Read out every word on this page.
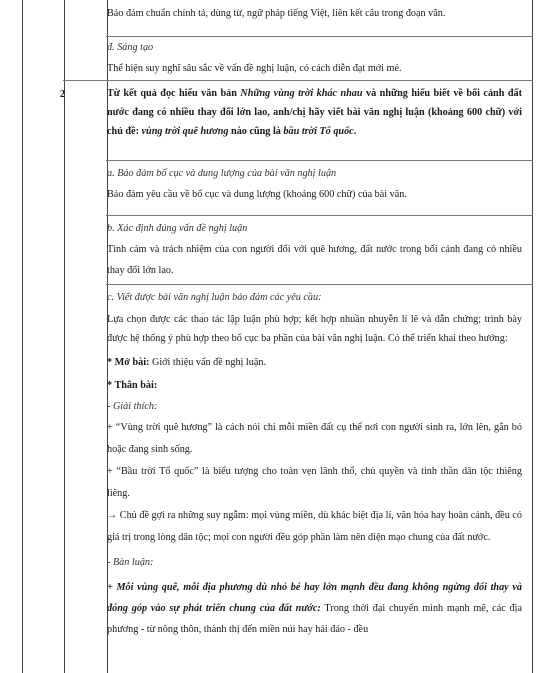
Bảo đảm chuẩn chính tả, dùng từ, ngữ pháp tiếng Việt, liên kết câu trong đoạn văn.

đ. Sáng tạo

Thể hiện suy nghĩ sâu sắc về vấn đề nghị luận, có cách diễn đạt mới mẻ.

2	Từ kết quả đọc hiểu văn bản Những vùng trời khác nhau và những hiểu biết về bối cảnh đất nước đang có nhiều thay đổi lớn lao, anh/chị hãy viết bài văn nghị luận (khoảng 600 chữ) với chủ đề: vùng trời quê hương nào cũng là bầu trời Tổ quốc.

a. Bảo đảm bố cục và dung lượng của bài văn nghị luận

Bảo đảm yêu cầu về bố cục và dung lượng (khoảng 600 chữ) của bài văn.

b. Xác định đúng vấn đề nghị luận

Tình cảm và trách nhiệm của con người đối với quê hương, đất nước trong bối cảnh đang có nhiều thay đổi lớn lao.

c. Viết được bài văn nghị luận bảo đảm các yêu cầu:

Lựa chọn được các thao tác lập luận phù hợp; kết hợp nhuần nhuyễn lí lẽ và dẫn chứng; trình bày được hệ thống ý phù hợp theo bố cục ba phần của bài văn nghị luận. Có thể triển khai theo hướng:

* Mở bài: Giới thiệu vấn đề nghị luận.

* Thân bài:

- Giải thích:

+ “Vùng trời quê hương” là cách nói chỉ mỗi miền đất cụ thể nơi con người sinh ra, lớn lên, gắn bó hoặc đang sinh sống.

+ “Bầu trời Tổ quốc” là biểu tượng cho toàn vẹn lãnh thổ, chủ quyền và tinh thần dân tộc thiêng liêng.

→ Chủ đề gợi ra những suy ngẫm: mọi vùng miền, dù khác biệt địa lí, văn hóa hay hoàn cảnh, đều có giá trị trong lòng dân tộc; mọi con người đều góp phần làm nên diện mạo chung của đất nước.

- Bàn luận:

+ Mỗi vùng quê, mỗi địa phương dù nhỏ bé hay lớn mạnh đều đang không ngừng đổi thay và đóng góp vào sự phát triển chung của đất nước: Trong thời đại chuyển mình mạnh mẽ, các địa phương - từ nông thôn, thành thị đến miền núi hay hải đảo - đều
